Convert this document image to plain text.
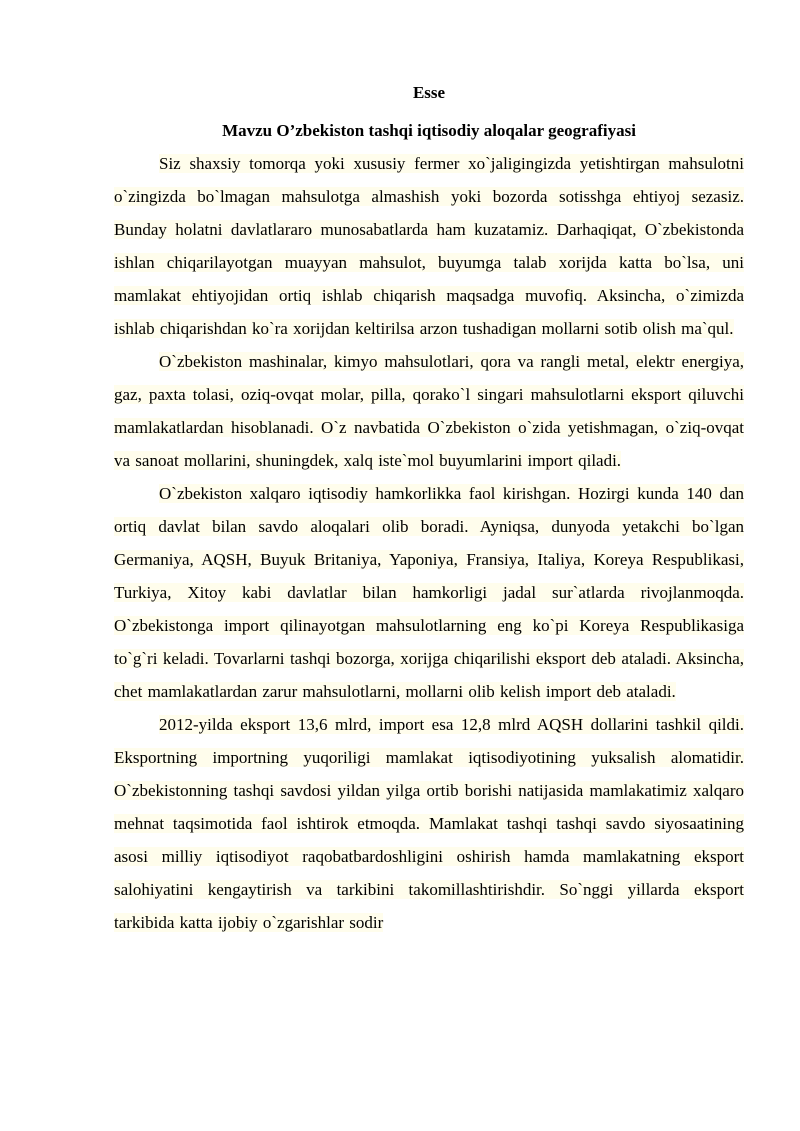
Esse
Mavzu O’zbekiston tashqi iqtisodiy aloqalar geografiyasi

Siz shaxsiy tomorqa yoki xususiy fermer xo`jaligingizda yetishtirgan mahsulotni o`zingizda bo`lmagan mahsulotga almashish yoki bozorda sotisshga ehtiyoj sezasiz. Bunday holatni davlatlararo munosabatlarda ham kuzatamiz. Darhaqiqat, O`zbekistonda ishlan chiqarilayotgan muayyan mahsulot, buyumga talab xorijda katta bo`lsa, uni mamlakat ehtiyojidan ortiq ishlab chiqarish maqsadga muvofiq. Aksincha, o`zimizda ishlab chiqarishdan ko`ra xorijdan keltirilsa arzon tushadigan mollarni sotib olish ma`qul.

O`zbekiston mashinalar, kimyo mahsulotlari, qora va rangli metal, elektr energiya, gaz, paxta tolasi, oziq-ovqat molar, pilla, qorako`l singari mahsulotlarni eksport qiluvchi mamlakatlardan hisoblanadi. O`z navbatida O`zbekiston o`zida yetishmagan, o`ziq-ovqat va sanoat mollarini, shuningdek, xalq iste`mol buyumlarini import qiladi.

O`zbekiston xalqaro iqtisodiy hamkorlikka faol kirishgan. Hozirgi kunda 140 dan ortiq davlat bilan savdo aloqalari olib boradi. Ayniqsa, dunyoda yetakchi bo`lgan Germaniya, AQSH, Buyuk Britaniya, Yaponiya, Fransiya, Italiya, Koreya Respublikasi, Turkiya, Xitoy kabi davlatlar bilan hamkorligi jadal sur`atlarda rivojlanmoqda. O`zbekistonga import qilinayotgan mahsulotlarning eng ko`pi Koreya Respublikasiga to`g`ri keladi. Tovarlarni tashqi bozorga, xorijga chiqarilishi eksport deb ataladi. Aksincha, chet mamlakatlardan zarur mahsulotlarni, mollarni olib kelish import deb ataladi.

2012-yilda eksport 13,6 mlrd, import esa 12,8 mlrd AQSH dollarini tashkil qildi. Eksportning importning yuqoriligi mamlakat iqtisodiyotining yuksalish alomatidir. O`zbekistonning tashqi savdosi yildan yilga ortib borishi natijasida mamlakatimiz xalqaro mehnat taqsimotida faol ishtirok etmoqda. Mamlakat tashqi tashqi savdo siyosaatining asosi milliy iqtisodiyot raqobatbardoshligini oshirish hamda mamlakatning eksport salohiyatini kengaytirish va tarkibini takomillashtirishdir. So`nggi yillarda eksport tarkibida katta ijobiy o`zgarishlar sodir
